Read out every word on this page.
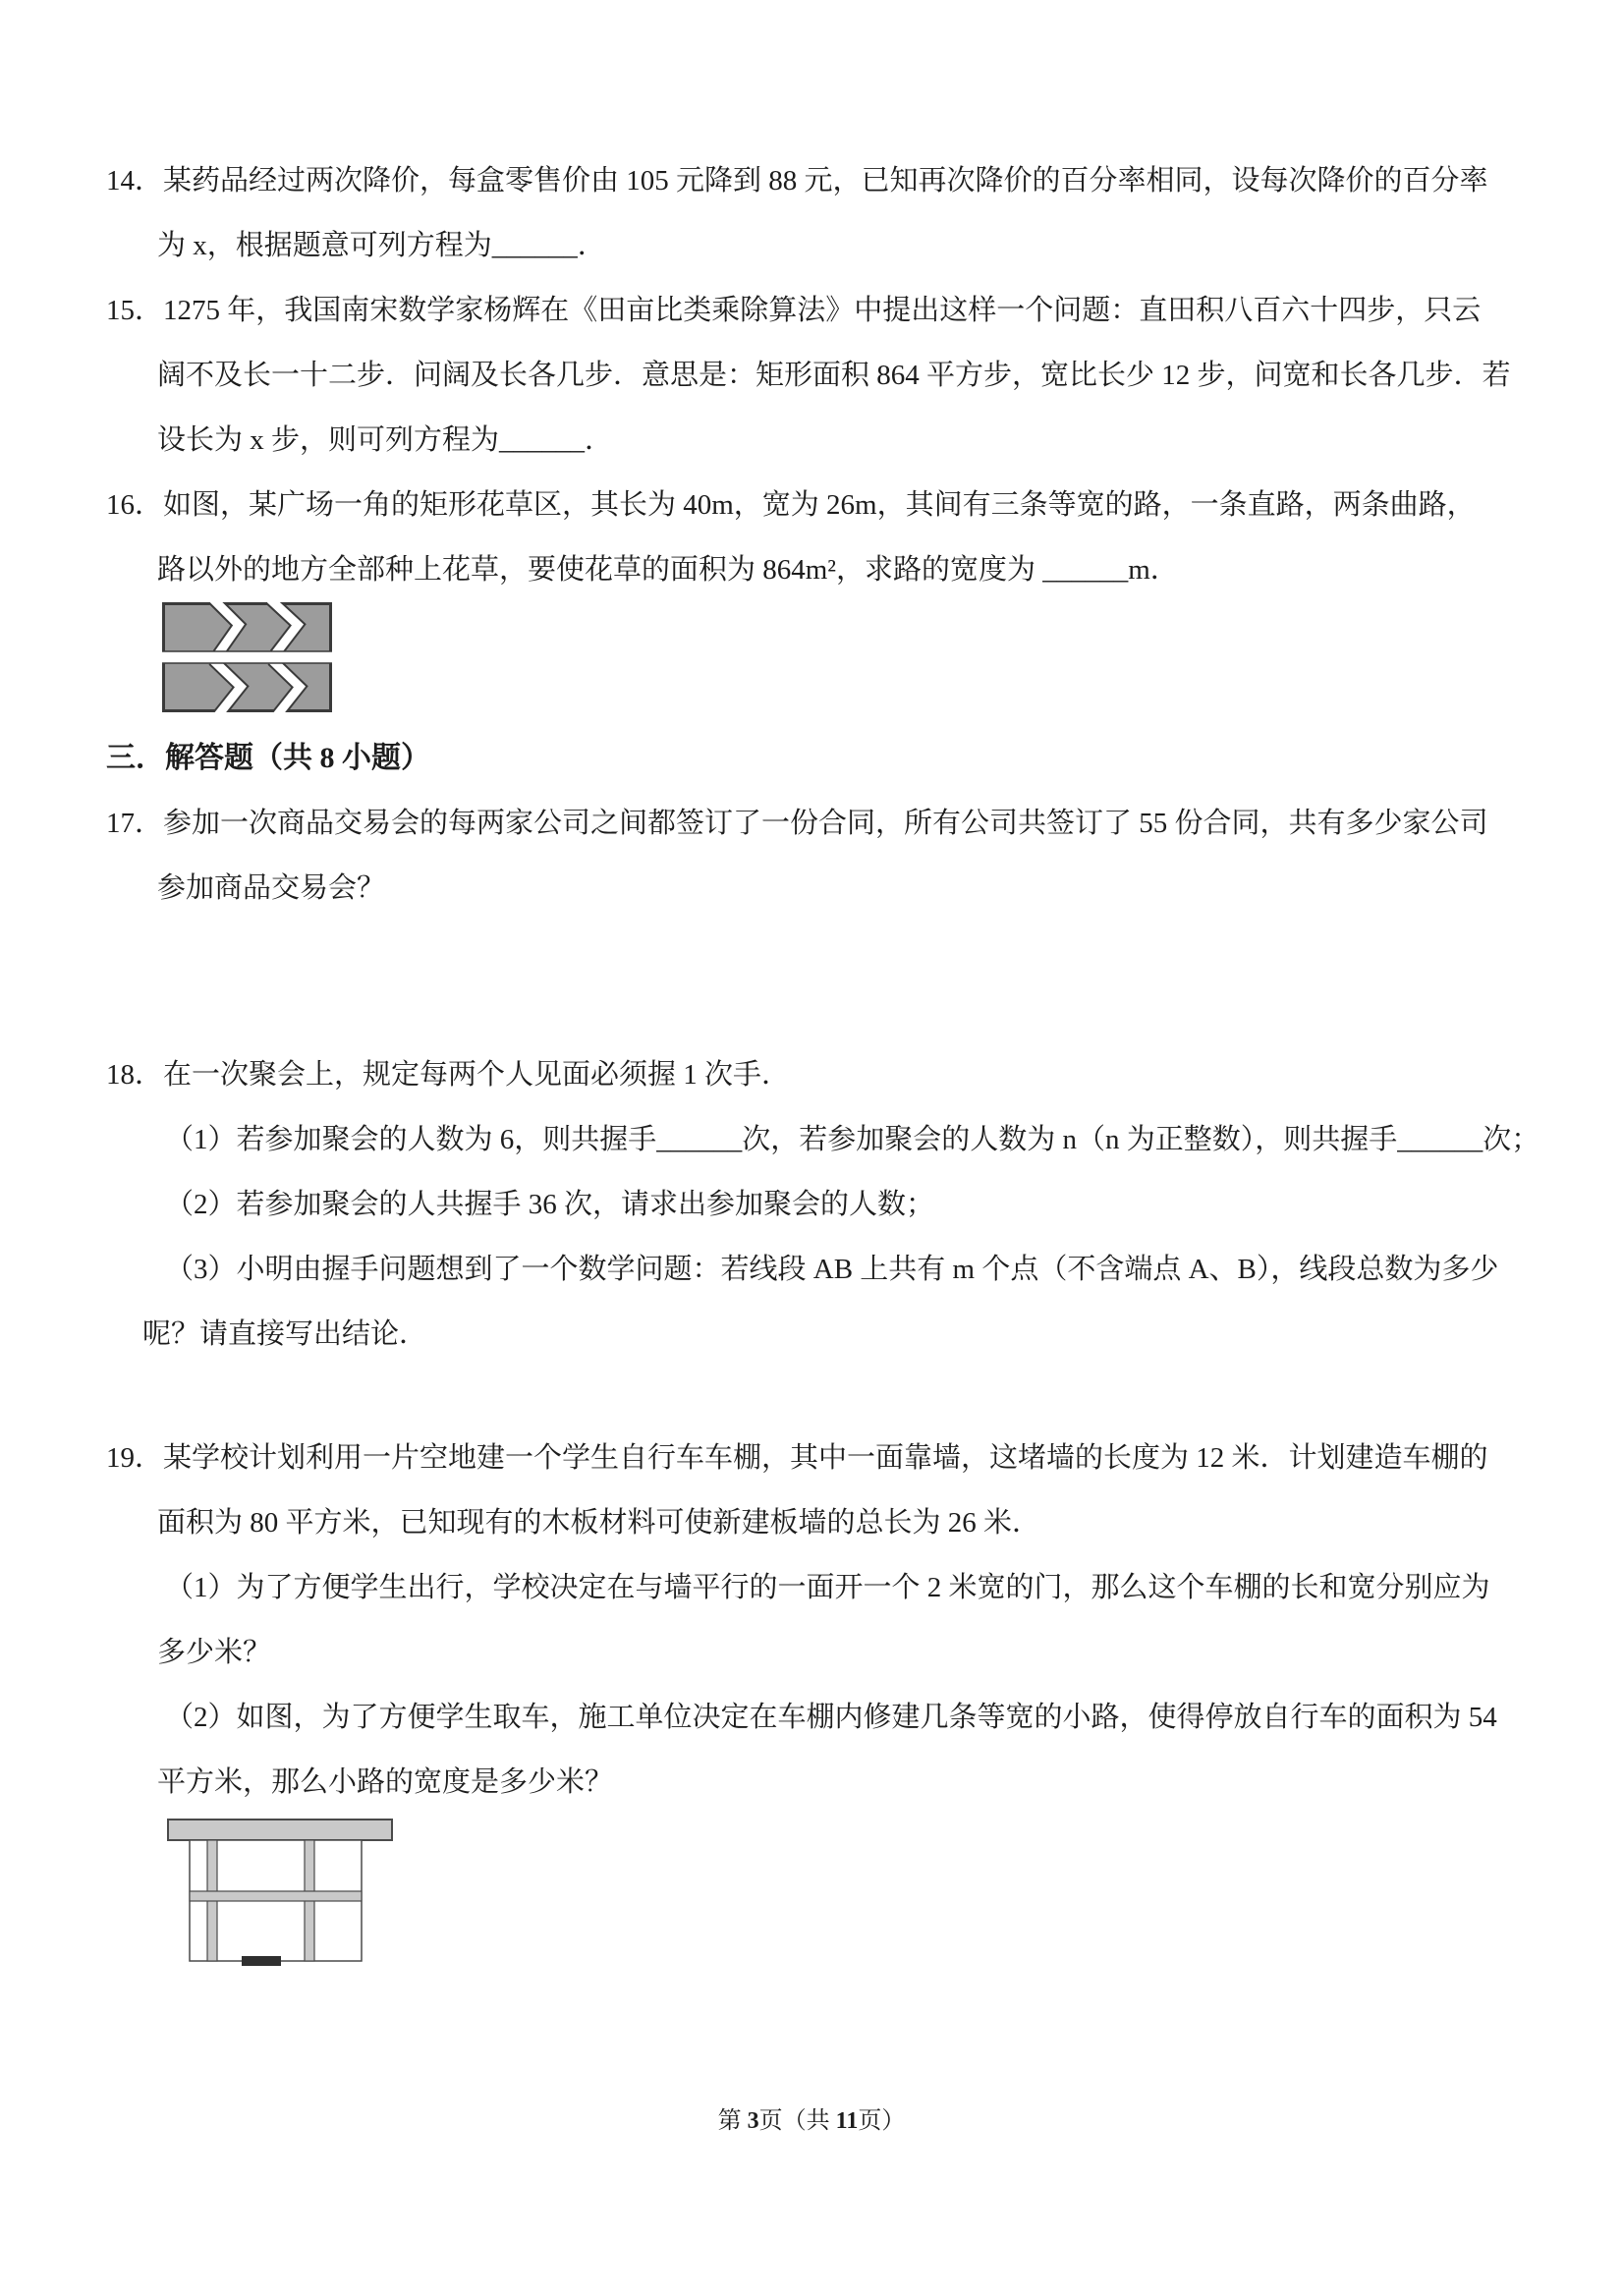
14．某药品经过两次降价，每盒零售价由 105 元降到 88 元，已知再次降价的百分率相同，设每次降价的百分率
为 x，根据题意可列方程为______．
15．1275 年，我国南宋数学家杨辉在《田亩比类乘除算法》中提出这样一个问题：直田积八百六十四步，只云
阔不及长一十二步．问阔及长各几步．意思是：矩形面积 864 平方步，宽比长少 12 步，问宽和长各几步．若
设长为 x 步，则可列方程为______．
16．如图，某广场一角的矩形花草区，其长为 40m，宽为 26m，其间有三条等宽的路，一条直路，两条曲路，
路以外的地方全部种上花草，要使花草的面积为 864m²，求路的宽度为 ______m．
三．解答题（共 8 小题）
17．参加一次商品交易会的每两家公司之间都签订了一份合同，所有公司共签订了 55 份合同，共有多少家公司
参加商品交易会？
18．在一次聚会上，规定每两个人见面必须握 1 次手．
（1）若参加聚会的人数为 6，则共握手______次，若参加聚会的人数为 n（n 为正整数），则共握手______次；
（2）若参加聚会的人共握手 36 次，请求出参加聚会的人数；
（3）小明由握手问题想到了一个数学问题：若线段 AB 上共有 m 个点（不含端点 A、B），线段总数为多少
呢？请直接写出结论．
19．某学校计划利用一片空地建一个学生自行车车棚，其中一面靠墙，这堵墙的长度为 12 米．计划建造车棚的
面积为 80 平方米，已知现有的木板材料可使新建板墙的总长为 26 米．
（1）为了方便学生出行，学校决定在与墙平行的一面开一个 2 米宽的门，那么这个车棚的长和宽分别应为
多少米？
（2）如图，为了方便学生取车，施工单位决定在车棚内修建几条等宽的小路，使得停放自行车的面积为 54
平方米，那么小路的宽度是多少米？
第 3页（共 11页）
